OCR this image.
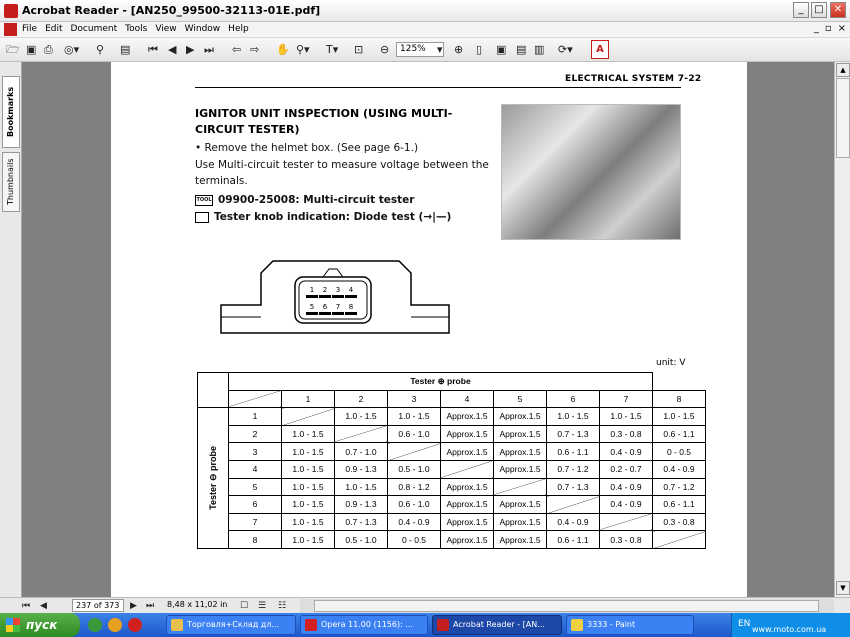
Acrobat Reader - [AN250_99500-32113-01E.pdf]	_	□	✕
File Edit Document Tools View Window Help	_ ▫ ×
🗁 ▣ ⎙ ◎▾ ⚲ ▤ ⏮ ◀ ▶ ⏭ ⇦ ⇨ ✋ ⚲▾ T▾ ⊡ ⊖	125%	▾ ⊕ ▯ ▣ ▤ ▥ ⟳▾	A
Bookmarks
Thumbnails
ELECTRICAL SYSTEM 7-22
IGNITOR UNIT INSPECTION (USING MULTI-CIRCUIT TESTER)
• Remove the helmet box. (See page 6-1.)
Use Multi-circuit tester to measure voltage between the terminals.
TOOL 09900-25008: Multi-circuit tester
Tester knob indication: Diode test (→|—)
1 2 3 4
5 6 7 8
unit: V
	Tester ⊕ probe								
		1	2	3	4	5	6	7	8

Tester ⊖ probe	1		1.0 - 1.5	1.0 - 1.5	Approx.1.5	Approx.1.5	1.0 - 1.5	1.0 - 1.5	1.0 - 1.5
	2	1.0 - 1.5		0.6 - 1.0	Approx.1.5	Approx.1.5	0.7 - 1.3	0.3 - 0.8	0.6 - 1.1
	3	1.0 - 1.5	0.7 - 1.0		Approx.1.5	Approx.1.5	0.6 - 1.1	0.4 - 0.9	0 - 0.5
	4	1.0 - 1.5	0.9 - 1.3	0.5 - 1.0		Approx.1.5	0.7 - 1.2	0.2 - 0.7	0.4 - 0.9
	5	1.0 - 1.5	1.0 - 1.5	0.8 - 1.2	Approx.1.5		0.7 - 1.3	0.4 - 0.9	0.7 - 1.2
	6	1.0 - 1.5	0.9 - 1.3	0.6 - 1.0	Approx.1.5	Approx.1.5		0.4 - 0.9	0.6 - 1.1
	7	1.0 - 1.5	0.7 - 1.3	0.4 - 0.9	Approx.1.5	Approx.1.5	0.4 - 0.9		0.3 - 0.8
	8	1.0 - 1.5	0.5 - 1.0	0 - 0.5	Approx.1.5	Approx.1.5	0.6 - 1.1	0.3 - 0.8	
▲
▼
⏮ ◀	237 of 373	▶ ⏭ 8,48 x 11,02 in ☐ ☰ ☷
пуск	Торговля+Склад дл...	Opera 11.00 (1156): ...	Acrobat Reader - [AN...	3333 - Paint	EN
www.moto.com.ua
